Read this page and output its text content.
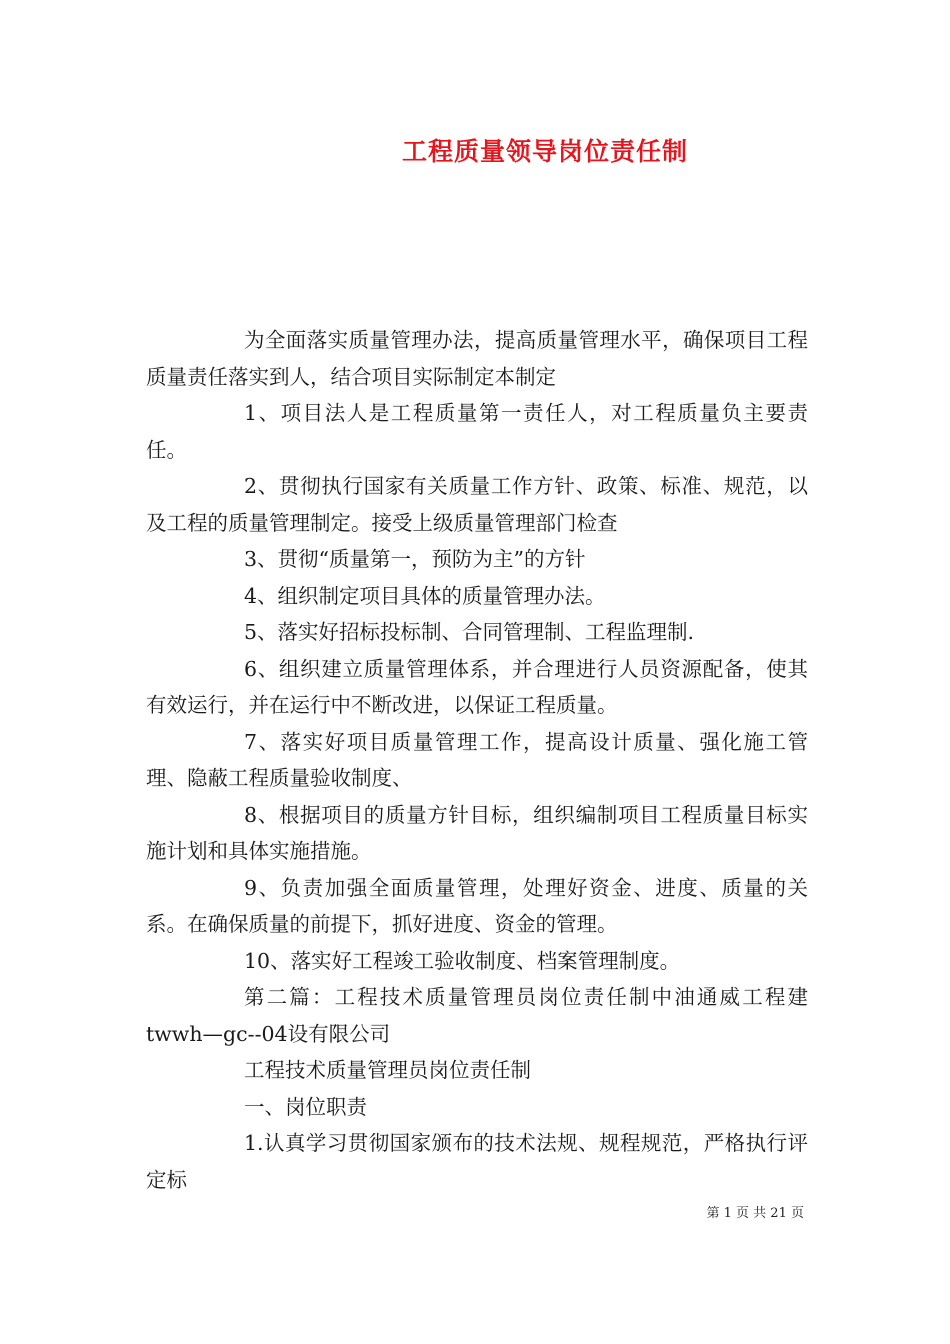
工程质量领导岗位责任制

为全面落实质量管理办法，提高质量管理水平，确保项目工程质量责任落实到人，结合项目实际制定本制定

1、项目法人是工程质量第一责任人，对工程质量负主要责任。

2、贯彻执行国家有关质量工作方针、政策、标准、规范，以及工程的质量管理制定。接受上级质量管理部门检查

3、贯彻“质量第一，预防为主”的方针

4、组织制定项目具体的质量管理办法。

5、落实好招标投标制、合同管理制、工程监理制.

6、组织建立质量管理体系，并合理进行人员资源配备，使其有效运行，并在运行中不断改进，以保证工程质量。

7、落实好项目质量管理工作，提高设计质量、强化施工管理、隐蔽工程质量验收制度、

8、根据项目的质量方针目标，组织编制项目工程质量目标实施计划和具体实施措施。

9、负责加强全面质量管理，处理好资金、进度、质量的关系。在确保质量的前提下，抓好进度、资金的管理。

10、落实好工程竣工验收制度、档案管理制度。

第二篇：工程技术质量管理员岗位责任制中油通威工程建twwh—gc--04设有限公司

工程技术质量管理员岗位责任制

一、岗位职责

1.认真学习贯彻国家颁布的技术法规、规程规范，严格执行评定标

第 1 页 共 21 页
